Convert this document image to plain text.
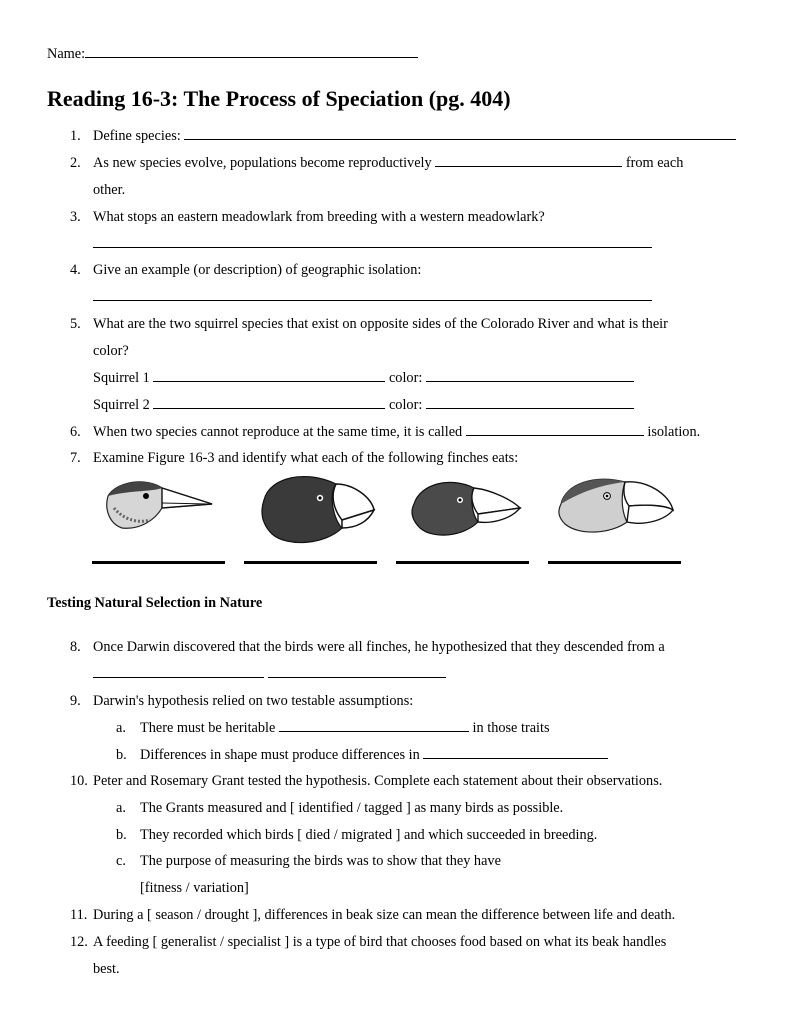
Name:
Reading 16-3: The Process of Speciation (pg. 404)
1. Define species:
2. As new species evolve, populations become reproductively	from each
other.
3. What stops an eastern meadowlark from breeding with a western meadowlark?
4. Give an example (or description) of geographic isolation:
5. What are the two squirrel species that exist on opposite sides of the Colorado River and what is their
color?
Squirrel 1	color:
Squirrel 2	color:
6. When two species cannot reproduce at the same time, it is called	isolation.
7. Examine Figure 16-3 and identify what each of the following finches eats:
Testing Natural Selection in Nature
8. Once Darwin discovered that the birds were all finches, he hypothesized that they descended from a

9. Darwin's hypothesis relied on two testable assumptions:
a. There must be heritable	in those traits
b. Differences in shape must produce differences in
10. Peter and Rosemary Grant tested the hypothesis. Complete each statement about their observations.
a. The Grants measured and [ identified / tagged ] as many birds as possible.
b. They recorded which birds [ died / migrated ] and which succeeded in breeding.
c. The purpose of measuring the birds was to show that they have
[fitness / variation]
11. During a [ season / drought ], differences in beak size can mean the difference between life and death.
12. A feeding [ generalist / specialist ] is a type of bird that chooses food based on what its beak handles
best.
